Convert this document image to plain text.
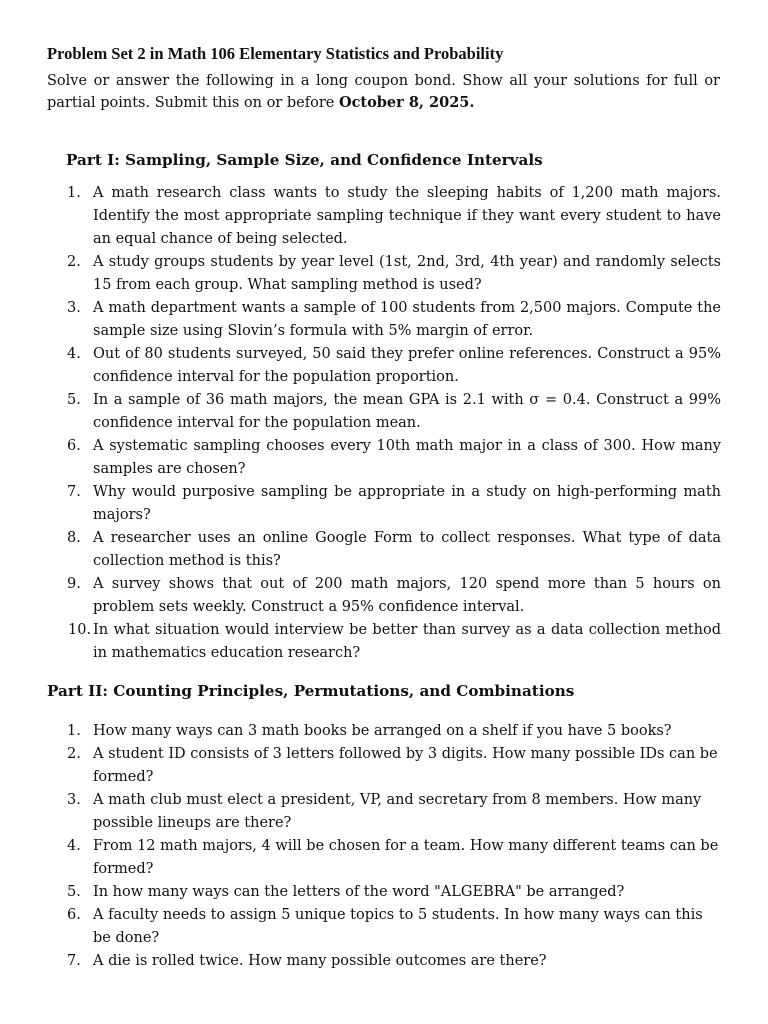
Problem Set 2 in Math 106 Elementary Statistics and Probability
Solve or answer the following in a long coupon bond. Show all your solutions for full or partial points. Submit this on or before October 8, 2025.
Part I: Sampling, Sample Size, and Confidence Intervals
1. A math research class wants to study the sleeping habits of 1,200 math majors. Identify the most appropriate sampling technique if they want every student to have an equal chance of being selected.
2. A study groups students by year level (1st, 2nd, 3rd, 4th year) and randomly selects 15 from each group. What sampling method is used?
3. A math department wants a sample of 100 students from 2,500 majors. Compute the sample size using Slovin’s formula with 5% margin of error.
4. Out of 80 students surveyed, 50 said they prefer online references. Construct a 95% confidence interval for the population proportion.
5. In a sample of 36 math majors, the mean GPA is 2.1 with σ = 0.4. Construct a 99% confidence interval for the population mean.
6. A systematic sampling chooses every 10th math major in a class of 300. How many samples are chosen?
7. Why would purposive sampling be appropriate in a study on high-performing math majors?
8. A researcher uses an online Google Form to collect responses. What type of data collection method is this?
9. A survey shows that out of 200 math majors, 120 spend more than 5 hours on problem sets weekly. Construct a 95% confidence interval.
10. In what situation would interview be better than survey as a data collection method in mathematics education research?
Part II: Counting Principles, Permutations, and Combinations
1. How many ways can 3 math books be arranged on a shelf if you have 5 books?
2. A student ID consists of 3 letters followed by 3 digits. How many possible IDs can be formed?
3. A math club must elect a president, VP, and secretary from 8 members. How many possible lineups are there?
4. From 12 math majors, 4 will be chosen for a team. How many different teams can be formed?
5. In how many ways can the letters of the word "ALGEBRA" be arranged?
6. A faculty needs to assign 5 unique topics to 5 students. In how many ways can this be done?
7. A die is rolled twice. How many possible outcomes are there?
